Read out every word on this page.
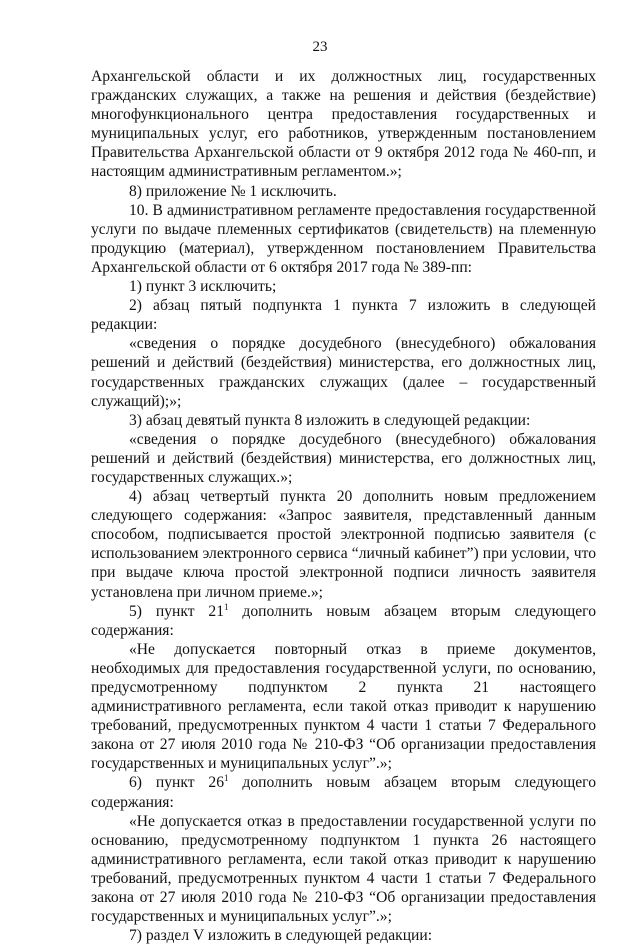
23

Архангельской области и их должностных лиц, государственных гражданских служащих, а также на решения и действия (бездействие) многофункционального центра предоставления государственных и муниципальных услуг, его работников, утвержденным постановлением Правительства Архангельской области от 9 октября 2012 года № 460-пп, и настоящим административным регламентом.»;

8) приложение № 1 исключить.

10. В административном регламенте предоставления государственной услуги по выдаче племенных сертификатов (свидетельств) на племенную продукцию (материал), утвержденном постановлением Правительства Архангельской области от 6 октября 2017 года № 389-пп:

1) пункт 3 исключить;

2) абзац пятый подпункта 1 пункта 7 изложить в следующей редакции:

«сведения о порядке досудебного (внесудебного) обжалования решений и действий (бездействия) министерства, его должностных лиц, государственных гражданских служащих (далее – государственный служащий);»;

3) абзац девятый пункта 8 изложить в следующей редакции:

«сведения о порядке досудебного (внесудебного) обжалования решений и действий (бездействия) министерства, его должностных лиц, государственных служащих.»;

4) абзац четвертый пункта 20 дополнить новым предложением следующего содержания: «Запрос заявителя, представленный данным способом, подписывается простой электронной подписью заявителя (с использованием электронного сервиса “личный кабинет”) при условии, что при выдаче ключа простой электронной подписи личность заявителя установлена при личном приеме.»;

5) пункт $21^1$ дополнить новым абзацем вторым следующего содержания:

«Не допускается повторный отказ в приеме документов, необходимых для предоставления государственной услуги, по основанию, предусмотренному подпунктом 2 пункта 21 настоящего административного регламента, если такой отказ приводит к нарушению требований, предусмотренных пунктом 4 части 1 статьи 7 Федерального закона от 27 июля 2010 года № 210-ФЗ “Об организации предоставления государственных и муниципальных услуг”.»;

6) пункт $26^1$ дополнить новым абзацем вторым следующего содержания:

«Не допускается отказ в предоставлении государственной услуги по основанию, предусмотренному подпунктом 1 пункта 26 настоящего административного регламента, если такой отказ приводит к нарушению требований, предусмотренных пунктом 4 части 1 статьи 7 Федерального закона от 27 июля 2010 года № 210-ФЗ “Об организации предоставления государственных и муниципальных услуг”.»;

7) раздел V изложить в следующей редакции:
